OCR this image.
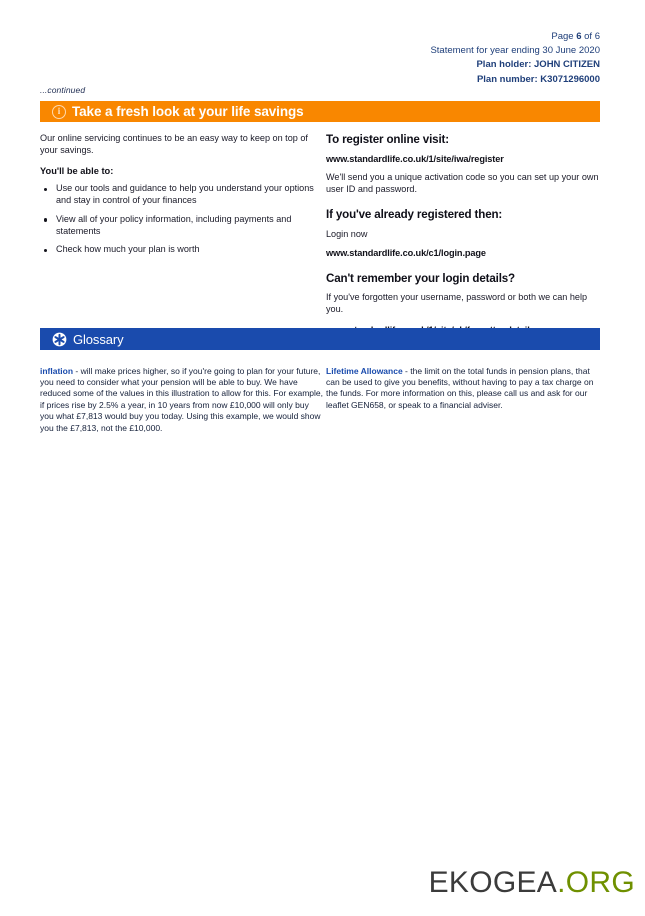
Page 6 of 6
Statement for year ending 30 June 2020
Plan holder: JOHN CITIZEN
Plan number: K3071296000
...continued
i Take a fresh look at your life savings

Our online servicing continues to be an easy way to keep on top of your savings.

You'll be able to:

Use our tools and guidance to help you understand your options and stay in control of your finances
View all of your policy information, including payments and statements
Check how much your plan is worth
To register online visit:

www.standardlife.co.uk/1/site/iwa/register

We'll send you a unique activation code so you can set up your own user ID and password.

If you've already registered then:

Login now

www.standardlife.co.uk/c1/login.page

Can't remember your login details?

If you've forgotten your username, password or both we can help you.

Glossary

inflation - will make prices higher, so if you're going to plan for your future, you need to consider what your pension will be able to buy. We have reduced some of the values in this illustration to allow for this. For example, if prices rise by 2.5% a year, in 10 years from now £10,000 will only buy you what £7,813 would buy you today. Using this example, we would show you the £7,813, not the £10,000.

Lifetime Allowance - the limit on the total funds in pension plans, that can be used to give you benefits, without having to pay a tax charge on the funds. For more information on this, please call us and ask for our leaflet GEN658, or speak to a financial adviser.

EKOGEA.ORG
